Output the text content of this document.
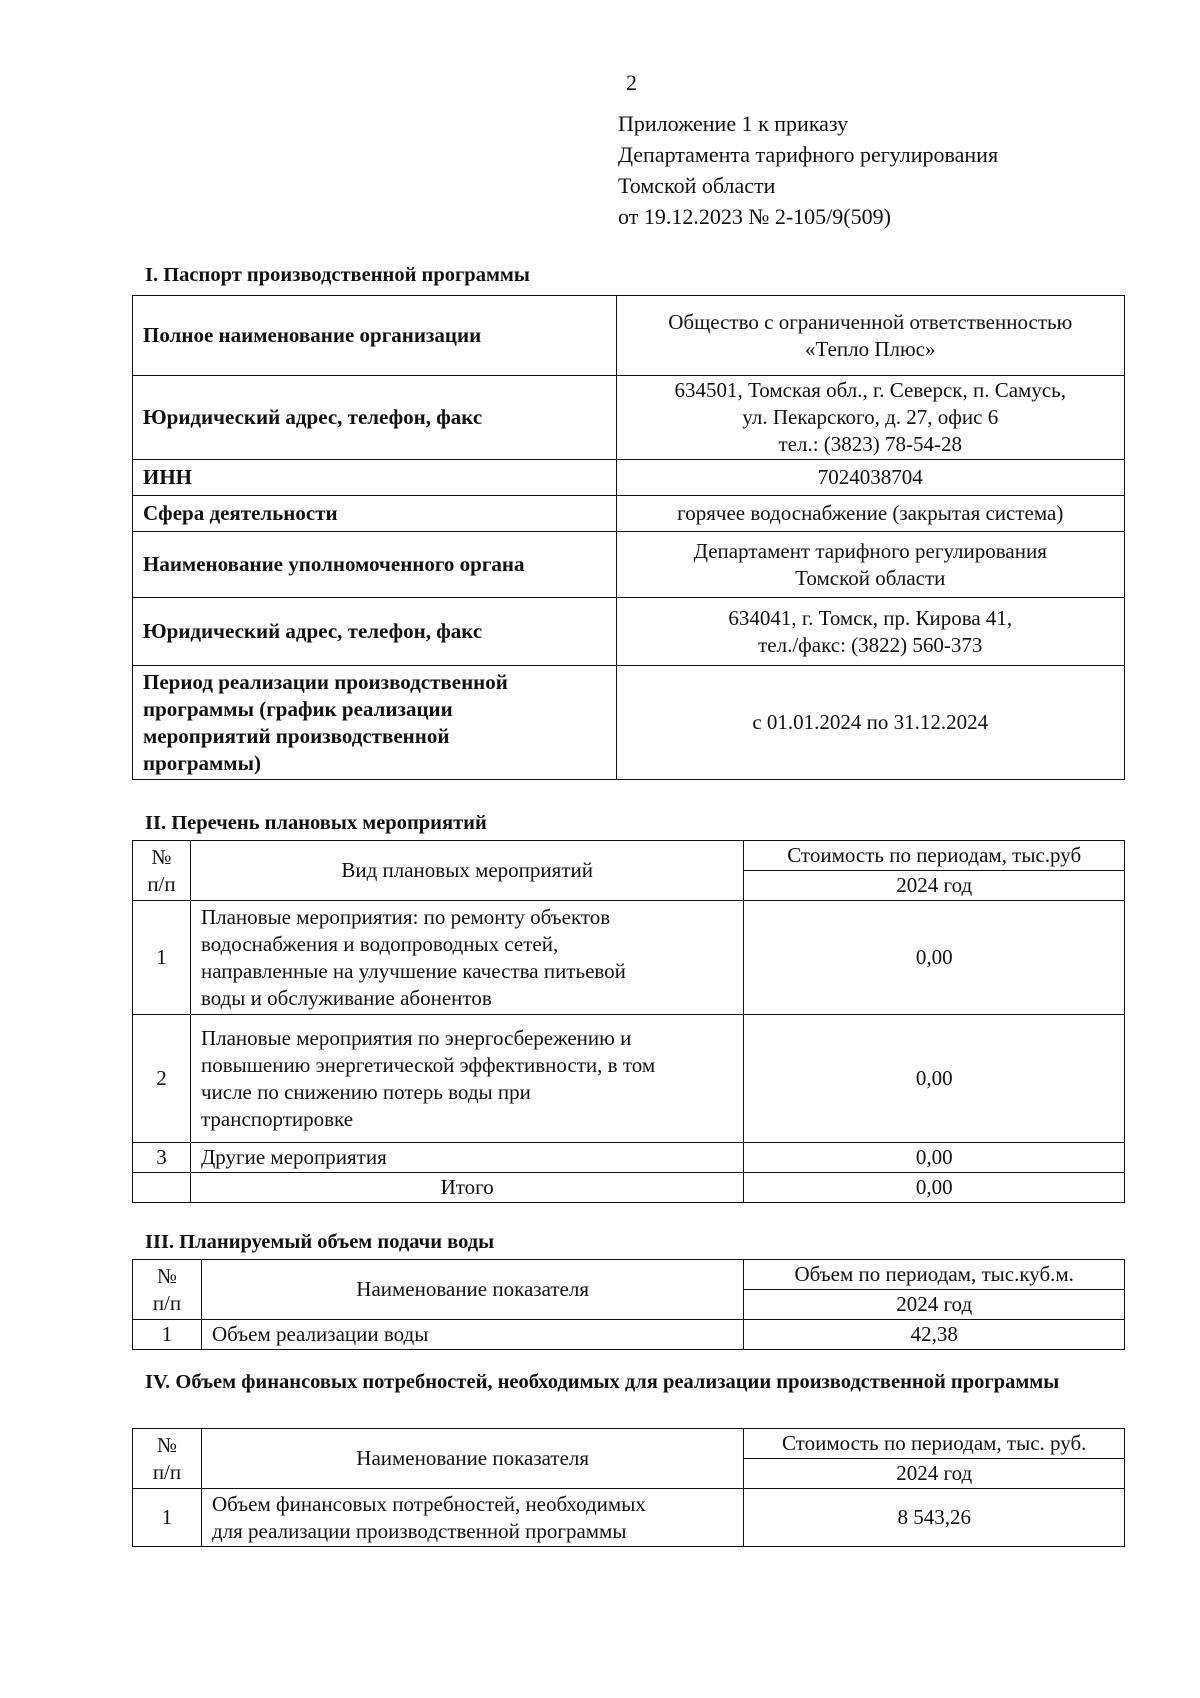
2
Приложение 1 к приказу
Департамента тарифного регулирования
Томской области
от 19.12.2023 № 2-105/9(509)
I. Паспорт производственной программы
Полное наименование организации	Общество с ограниченной ответственностью
«Тепло Плюс»

Юридический адрес, телефон, факс	634501, Томская обл., г. Северск, п. Самусь,
ул. Пекарского, д. 27, офис 6
тел.: (3823) 78-54-28

ИНН	7024038704

Сфера деятельности	горячее водоснабжение (закрытая система)

Наименование уполномоченного органа	Департамент тарифного регулирования
Томской области

Юридический адрес, телефон, факс	634041, г. Томск, пр. Кирова 41,
тел./факс: (3822) 560-373

Период реализации производственной
программы (график реализации
мероприятий производственной
программы)	с 01.01.2024 по 31.12.2024
II. Перечень плановых мероприятий
№
п/п	Вид плановых мероприятий	Стоимость по периодам, тыс.руб
		2024 год
1	Плановые мероприятия: по ремонту объектов
водоснабжения и водопроводных сетей,
направленные на улучшение качества питьевой
воды и обслуживание абонентов	0,00
2	Плановые мероприятия по энергосбережению и
повышению энергетической эффективности, в том
числе по снижению потерь воды при
транспортировке	0,00
3	Другие мероприятия	0,00
	Итого	0,00
III. Планируемый объем подачи воды
№
п/п	Наименование показателя	Объем по периодам, тыс.куб.м.
		2024 год
1	Объем реализации воды	42,38
IV. Объем финансовых потребностей, необходимых для реализации производственной программы
№
п/п	Наименование показателя	Стоимость по периодам, тыс. руб.
		2024 год
1	Объем финансовых потребностей, необходимых
для реализации производственной программы	8 543,26
